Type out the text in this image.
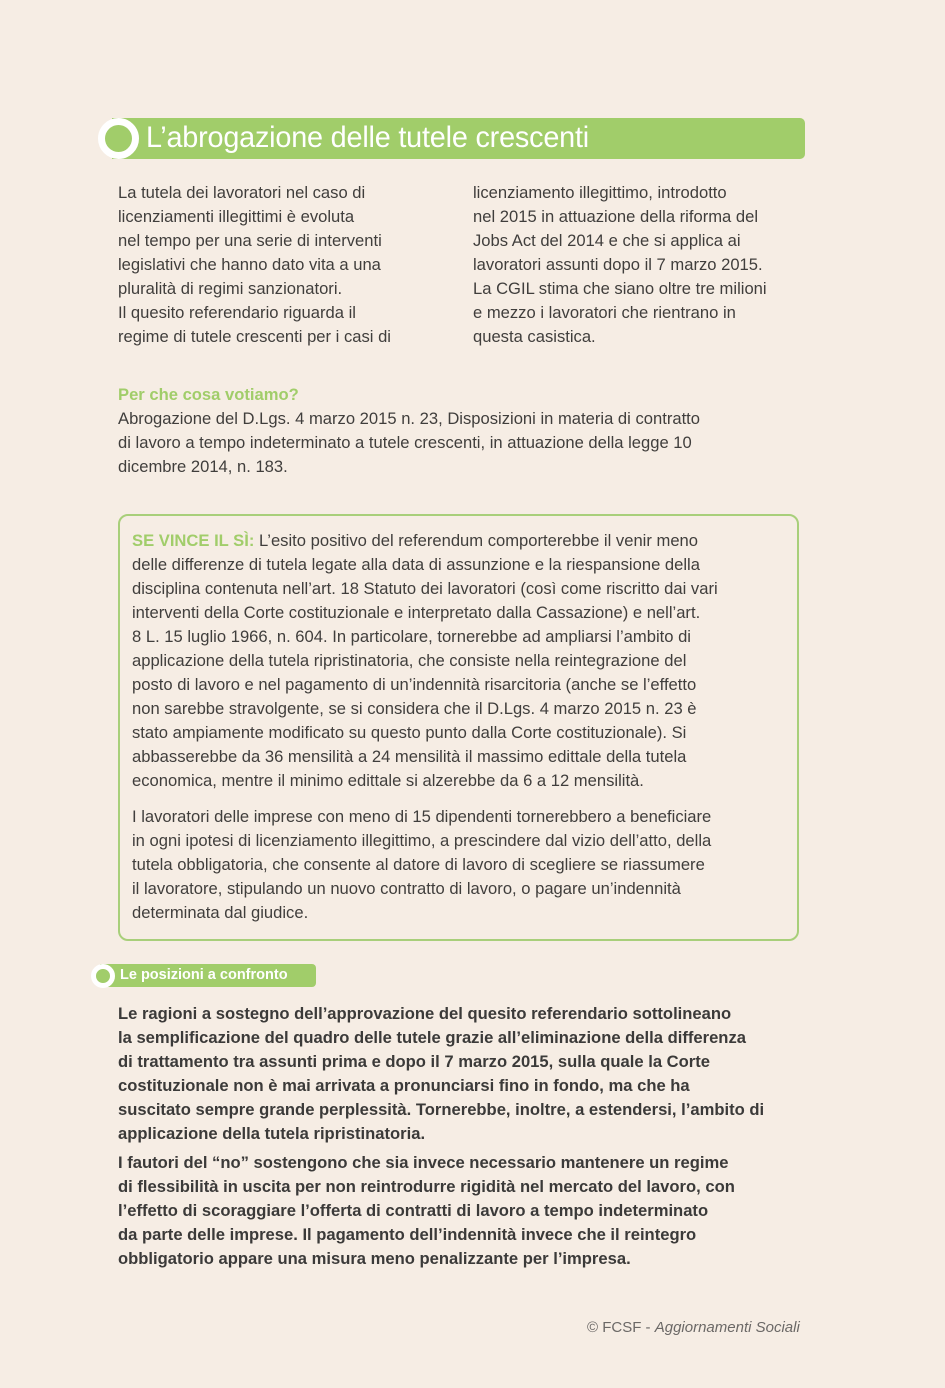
L’abrogazione delle tutele crescenti
La tutela dei lavoratori nel caso di
licenziamenti illegittimi è evoluta
nel tempo per una serie di interventi
legislativi che hanno dato vita a una
pluralità di regimi sanzionatori.
Il quesito referendario riguarda il
regime di tutele crescenti per i casi di
licenziamento illegittimo, introdotto
nel 2015 in attuazione della riforma del
Jobs Act del 2014 e che si applica ai
lavoratori assunti dopo il 7 marzo 2015.
La CGIL stima che siano oltre tre milioni
e mezzo i lavoratori che rientrano in
questa casistica.
Per che cosa votiamo?
Abrogazione del D.Lgs. 4 marzo 2015 n. 23, Disposizioni in materia di contratto
di lavoro a tempo indeterminato a tutele crescenti, in attuazione della legge 10
dicembre 2014, n. 183.
SE VINCE IL SÌ: L’esito positivo del referendum comporterebbe il venir meno
delle differenze di tutela legate alla data di assunzione e la riespansione della
disciplina contenuta nell’art. 18 Statuto dei lavoratori (così come riscritto dai vari
interventi della Corte costituzionale e interpretato dalla Cassazione) e nell’art.
8 L. 15 luglio 1966, n. 604. In particolare, tornerebbe ad ampliarsi l’ambito di
applicazione della tutela ripristinatoria, che consiste nella reintegrazione del
posto di lavoro e nel pagamento di un’indennità risarcitoria (anche se l’effetto
non sarebbe stravolgente, se si considera che il D.Lgs. 4 marzo 2015 n. 23 è
stato ampiamente modificato su questo punto dalla Corte costituzionale). Si
abbasserebbe da 36 mensilità a 24 mensilità il massimo edittale della tutela
economica, mentre il minimo edittale si alzerebbe da 6 a 12 mensilità.
I lavoratori delle imprese con meno di 15 dipendenti tornerebbero a beneficiare
in ogni ipotesi di licenziamento illegittimo, a prescindere dal vizio dell’atto, della
tutela obbligatoria, che consente al datore di lavoro di scegliere se riassumere
il lavoratore, stipulando un nuovo contratto di lavoro, o pagare un’indennità
determinata dal giudice.
Le posizioni a confronto
Le ragioni a sostegno dell’approvazione del quesito referendario sottolineano
la semplificazione del quadro delle tutele grazie all’eliminazione della differenza
di trattamento tra assunti prima e dopo il 7 marzo 2015, sulla quale la Corte
costituzionale non è mai arrivata a pronunciarsi fino in fondo, ma che ha
suscitato sempre grande perplessità. Tornerebbe, inoltre, a estendersi, l’ambito di
applicazione della tutela ripristinatoria.
I fautori del “no” sostengono che sia invece necessario mantenere un regime
di flessibilità in uscita per non reintrodurre rigidità nel mercato del lavoro, con
l’effetto di scoraggiare l’offerta di contratti di lavoro a tempo indeterminato
da parte delle imprese. Il pagamento dell’indennità invece che il reintegro
obbligatorio appare una misura meno penalizzante per l’impresa.
© FCSF - Aggiornamenti Sociali
